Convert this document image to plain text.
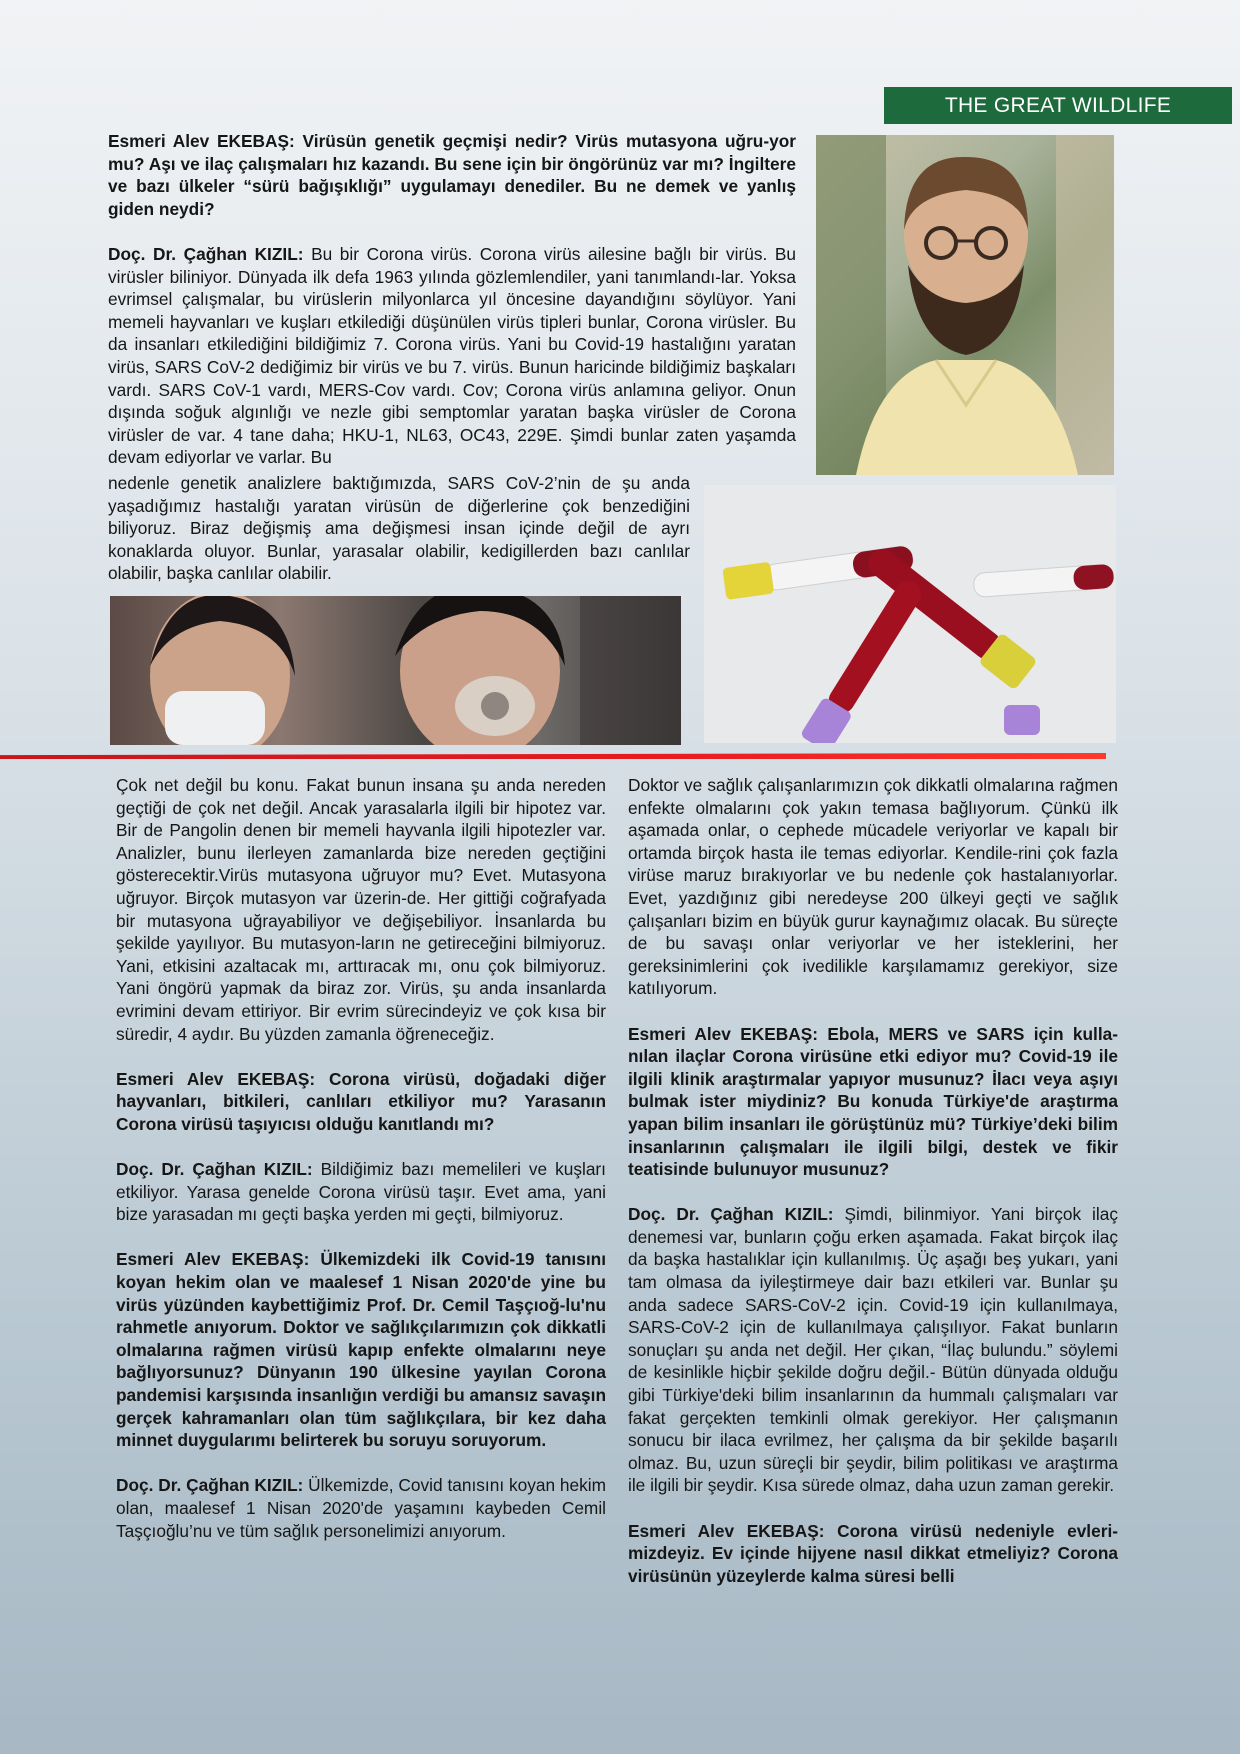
THE GREAT WILDLIFE
Esmeri Alev EKEBAŞ: Virüsün genetik geçmişi nedir? Virüs mutasyona uğru-yor mu? Aşı ve ilaç çalışmaları hız kazandı. Bu sene için bir öngörünüz var mı? İngiltere ve bazı ülkeler “sürü bağışıklığı” uygulamayı denediler. Bu ne demek ve yanlış giden neydi?
Doç. Dr. Çağhan KIZIL: Bu bir Corona virüs. Corona virüs ailesine bağlı bir virüs. Bu virüsler biliniyor. Dünyada ilk defa 1963 yılında gözlemlendiler, yani tanımlandı-lar. Yoksa evrimsel çalışmalar, bu virüslerin milyonlarca yıl öncesine dayandığını söylüyor. Yani memeli hayvanları ve kuşları etkilediği düşünülen virüs tipleri bunlar, Corona virüsler. Bu da insanları etkilediğini bildiğimiz 7. Corona virüs. Yani bu Covid-19 hastalığını yaratan virüs, SARS CoV-2 dediğimiz bir virüs ve bu 7. virüs. Bunun haricinde bildiğimiz başkaları vardı. SARS CoV-1 vardı, MERS-Cov vardı. Cov; Corona virüs anlamına geliyor. Onun dışında soğuk algınlığı ve nezle gibi semptomlar yaratan başka virüsler de Corona virüsler de var. 4 tane daha; HKU-1, NL63, OC43, 229E. Şimdi bunlar zaten yaşamda devam ediyorlar ve varlar. Bu
nedenle genetik analizlere baktığımızda, SARS CoV-2’nin de şu anda yaşadığımız hastalığı yaratan virüsün de diğerlerine çok benzediğini biliyoruz. Biraz değişmiş ama değişmesi insan içinde değil de ayrı konaklarda oluyor. Bunlar, yarasalar olabilir, kedigillerden bazı canlılar olabilir, başka canlılar olabilir.

Çok net değil bu konu. Fakat bunun insana şu anda nereden geçtiği de çok net değil. Ancak yarasalarla ilgili bir hipotez var. Bir de Pangolin denen bir memeli hayvanla ilgili hipotezler var. Analizler, bunu ilerleyen zamanlarda bize nereden geçtiğini gösterecektir.Virüs mutasyona uğruyor mu? Evet. Mutasyona uğruyor. Birçok mutasyon var üzerin-de. Her gittiği coğrafyada bir mutasyona uğrayabiliyor ve değişebiliyor. İnsanlarda bu şekilde yayılıyor. Bu mutasyon-ların ne getireceğini bilmiyoruz. Yani, etkisini azaltacak mı, arttıracak mı, onu çok bilmiyoruz. Yani öngörü yapmak da biraz zor. Virüs, şu anda insanlarda evrimini devam ettiriyor. Bir evrim sürecindeyiz ve çok kısa bir süredir, 4 aydır. Bu yüzden zamanla öğreneceğiz.

Esmeri Alev EKEBAŞ: Corona virüsü, doğadaki diğer hayvanları, bitkileri, canlıları etkiliyor mu? Yarasanın Corona virüsü taşıyıcısı olduğu kanıtlandı mı?

Doç. Dr. Çağhan KIZIL: Bildiğimiz bazı memelileri ve kuşları etkiliyor. Yarasa genelde Corona virüsü taşır. Evet ama, yani bize yarasadan mı geçti başka yerden mi geçti, bilmiyoruz.

Esmeri Alev EKEBAŞ: Ülkemizdeki ilk Covid-19 tanısını koyan hekim olan ve maalesef 1 Nisan 2020'de yine bu virüs yüzünden kaybettiğimiz Prof. Dr. Cemil Taşçıoğ-lu'nu rahmetle anıyorum. Doktor ve sağlıkçılarımızın çok dikkatli olmalarına rağmen virüsü kapıp enfekte olmalarını neye bağlıyorsunuz? Dünyanın 190 ülkesine yayılan Corona pandemisi karşısında insanlığın verdiği bu amansız savaşın gerçek kahramanları olan tüm sağlıkçılara, bir kez daha minnet duygularımı belirterek bu soruyu soruyorum.

Doç. Dr. Çağhan KIZIL: Ülkemizde, Covid tanısını koyan hekim olan, maalesef 1 Nisan 2020'de yaşamını kaybeden Cemil Taşçıoğlu’nu ve tüm sağlık personelimizi anıyorum.

Doktor ve sağlık çalışanlarımızın çok dikkatli olmalarına rağmen enfekte olmalarını çok yakın temasa bağlıyorum. Çünkü ilk aşamada onlar, o cephede mücadele veriyorlar ve kapalı bir ortamda birçok hasta ile temas ediyorlar. Kendile-rini çok fazla virüse maruz bırakıyorlar ve bu nedenle çok hastalanıyorlar. Evet, yazdığınız gibi neredeyse 200 ülkeyi geçti ve sağlık çalışanları bizim en büyük gurur kaynağımız olacak. Bu süreçte de bu savaşı onlar veriyorlar ve her isteklerini, her gereksinimlerini çok ivedilikle karşılamamız gerekiyor, size katılıyorum.

Esmeri Alev EKEBAŞ: Ebola, MERS ve SARS için kulla-nılan ilaçlar Corona virüsüne etki ediyor mu? Covid-19 ile ilgili klinik araştırmalar yapıyor musunuz? İlacı veya aşıyı bulmak ister miydiniz? Bu konuda Türkiye'de araştırma yapan bilim insanları ile görüştünüz mü? Türkiye’deki bilim insanlarının çalışmaları ile ilgili bilgi, destek ve fikir teatisinde bulunuyor musunuz?

Doç. Dr. Çağhan KIZIL: Şimdi, bilinmiyor. Yani birçok ilaç denemesi var, bunların çoğu erken aşamada. Fakat birçok ilaç da başka hastalıklar için kullanılmış. Üç aşağı beş yukarı, yani tam olmasa da iyileştirmeye dair bazı etkileri var. Bunlar şu anda sadece SARS-CoV-2 için. Covid-19 için kullanılmaya, SARS-CoV-2 için de kullanılmaya çalışılıyor. Fakat bunların sonuçları şu anda net değil. Her çıkan, “İlaç bulundu.” söylemi de kesinlikle hiçbir şekilde doğru değil.- Bütün dünyada olduğu gibi Türkiye'deki bilim insanlarının da hummalı çalışmaları var fakat gerçekten temkinli olmak gerekiyor. Her çalışmanın sonucu bir ilaca evrilmez, her çalışma da bir şekilde başarılı olmaz. Bu, uzun süreçli bir şeydir, bilim politikası ve araştırma ile ilgili bir şeydir. Kısa sürede olmaz, daha uzun zaman gerekir.

Esmeri Alev EKEBAŞ: Corona virüsü nedeniyle evleri-mizdeyiz. Ev içinde hijyene nasıl dikkat etmeliyiz? Corona virüsünün yüzeylerde kalma süresi belli
